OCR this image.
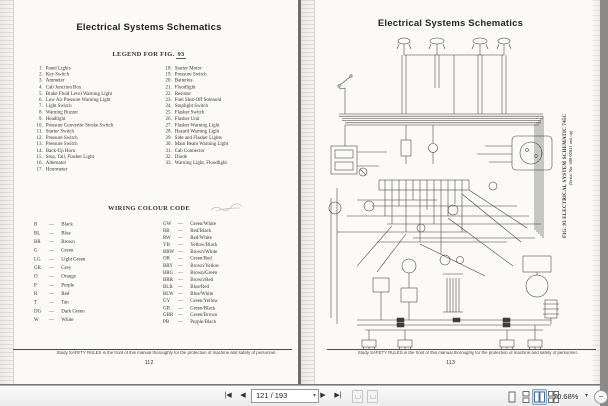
Electrical Systems Schematics
LEGEND FOR FIG. 93
1. Panel Lights
2. Key Switch
3. Ammeter
4. Cab Junction Box
5. Brake Fluid Level Warning Light
6. Low Air Pressure Warning Light
7. Light Switch
8. Warning Buzzer
9. Headlight
10. Pressure Convertor Stroke Switch
11. Starter Switch
12. Pressure Switch
13. Pressure Switch
14. Back-Up Horn
15. Stop, Tail, Flasher Light
16. Alternator
17. Hourmeter
18. Starter Motor
19. Pressure Switch
20. Batteries
21. Floodlight
22. Resistor
23. Fuel Shut-Off Solenoid
24. Stoplight Switch
25. Flasher Switch
26. Flasher Unit
27. Flasher Warning Light
28. Hazard Warning Light
29. Side and Flasher Lights
30. Main Beam Warning Light
31. Cab Connector
32. Diode
33. Warning Light, Floodlight
WIRING COLOUR CODE
B	— Black
BL	— Blue
BR	— Brown
G	— Green
LG	— Light Green
GR — Grey
O	— Orange
P	— Purple
R	— Red
T	— Tan
DG — Dark Green
W	— White
GW — Green/White
RB	— Red/Black
RW — Red/White
YB — Yellow/Black
BRW — Brown/White
OR — Green/Red
BRY — Brown/Yellow
BRG — Brown/Green
BRR — Brown/Red
BLR — Blue/Red
BLW — Blue/White
GY — Green/Yellow
GB — Green/Black
GBR — Green/Brown
PB	— Purple/Black
Study SAFETY RULES in the front of this manual thoroughly for the protection of machine and safety of personnel.
112
Electrical Systems Schematics
FIG. 93 ELECTRICAL SYSTEM SCHEMATIC 745C (Serial No. 600 02841 and up)
Study SAFETY RULES in the front of this manual thoroughly for the protection of machine and safety of personnel.
113
|◀	◀	121 / 193	▾ ▶	▶|	70.68% ▾	−
